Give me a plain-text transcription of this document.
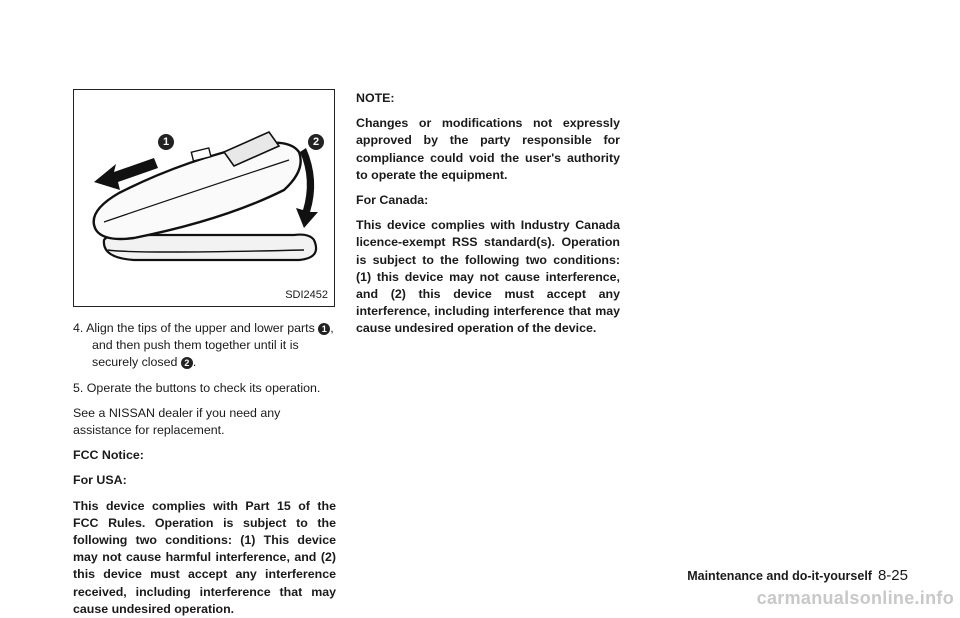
1	2
SDI2452

4. Align the tips of the upper and lower parts 1 , and then push them together until it is securely closed 2 .

5. Operate the buttons to check its operation.

See a NISSAN dealer if you need any assistance for replacement.

FCC Notice:

For USA:

This device complies with Part 15 of the FCC Rules. Operation is subject to the following two conditions: (1) This device may not cause harmful interference, and (2) this device must accept any interference received, including interference that may cause undesired operation.

NOTE:

Changes or modifications not expressly approved by the party responsible for compliance could void the user's authority to operate the equipment.

For Canada:

This device complies with Industry Canada licence-exempt RSS standard(s). Operation is subject to the following two conditions: (1) this device may not cause interference, and (2) this device must accept any interference, including interference that may cause undesired operation of the device.

Maintenance and do-it-yourself 8-25
carmanualsonline.info
